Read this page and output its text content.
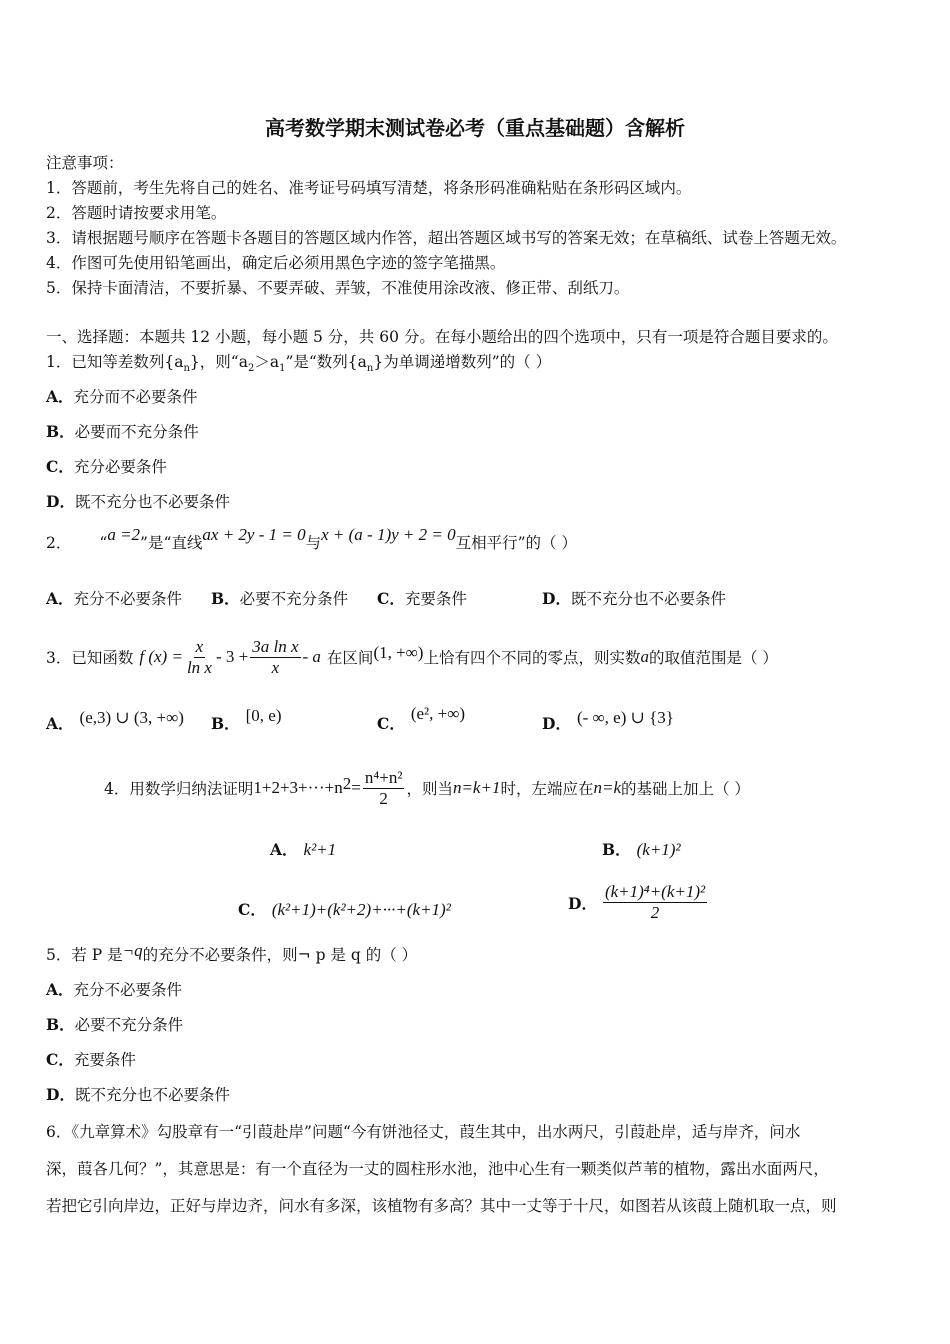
高考数学期末测试卷必考（重点基础题）含解析
注意事项：
1．答题前，考生先将自己的姓名、准考证号码填写清楚，将条形码准确粘贴在条形码区域内。
2．答题时请按要求用笔。
3．请根据题号顺序在答题卡各题目的答题区域内作答，超出答题区域书写的答案无效；在草稿纸、试卷上答题无效。
4．作图可先使用铅笔画出，确定后必须用黑色字迹的签字笔描黑。
5．保持卡面清洁，不要折暴、不要弄破、弄皱，不准使用涂改液、修正带、刮纸刀。
一、选择题：本题共 12 小题，每小题 5 分，共 60 分。在每小题给出的四个选项中，只有一项是符合题目要求的。
1．已知等差数列$\{a_n\}$，则“$a_2>a_1$”是“数列$\{a_n\}$为单调递增数列”的（ ）
A．充分而不必要条件
B．必要而不充分条件
C．充分必要条件
D．既不充分也不必要条件
2． “a =2”是“直线ax + 2y - 1 = 0与x + (a - 1)y + 2 = 0互相平行”的（ ）
A．充分不必要条件 B．必要不充分条件 C．充要条件	D．既不充分也不必要条件
3．已知函数 f $(x) = \frac{x}{\text{ln x}} - 3 + \frac{\text{3a ln x}}{x} - a$ 在区间 (1, +∞) 上恰有四个不同的零点，则实数 a 的取值范围是（ ）
A． (e,3) ∪ (3, +∞) B． [0, e)	C．(e², +∞)
D． (- ∞, e) ∪ {3}
4．用数学归纳法证明 1+2+3+···+n $2 = \frac{\text{n⁴+n²}}{2}$ ，则当 n=k+1 时，左端应在 n=k 的基础上加上（ ）
A． k²+1	B． (k+1)²
C． (k²+1)+(k²+2)+···+(k+1)²	D． $\frac{\text{(k+1)⁴+(k+1)²}}{2}$
5．若 P 是¬q的充分不必要条件，则¬ p 是 q 的（ ）
A．充分不必要条件
B．必要不充分条件
C．充要条件
D．既不充分也不必要条件
6．《九章算术》勾股章有一“引葭赴岸”问题“今有饼池径丈，葭生其中，出水两尺，引葭赴岸，适与岸齐，问水
深，葭各几何？”，其意思是：有一个直径为一丈的圆柱形水池，池中心生有一颗类似芦苇的植物，露出水面两尺，
若把它引向岸边，正好与岸边齐，问水有多深，该植物有多高？其中一丈等于十尺，如图若从该葭上随机取一点，则
